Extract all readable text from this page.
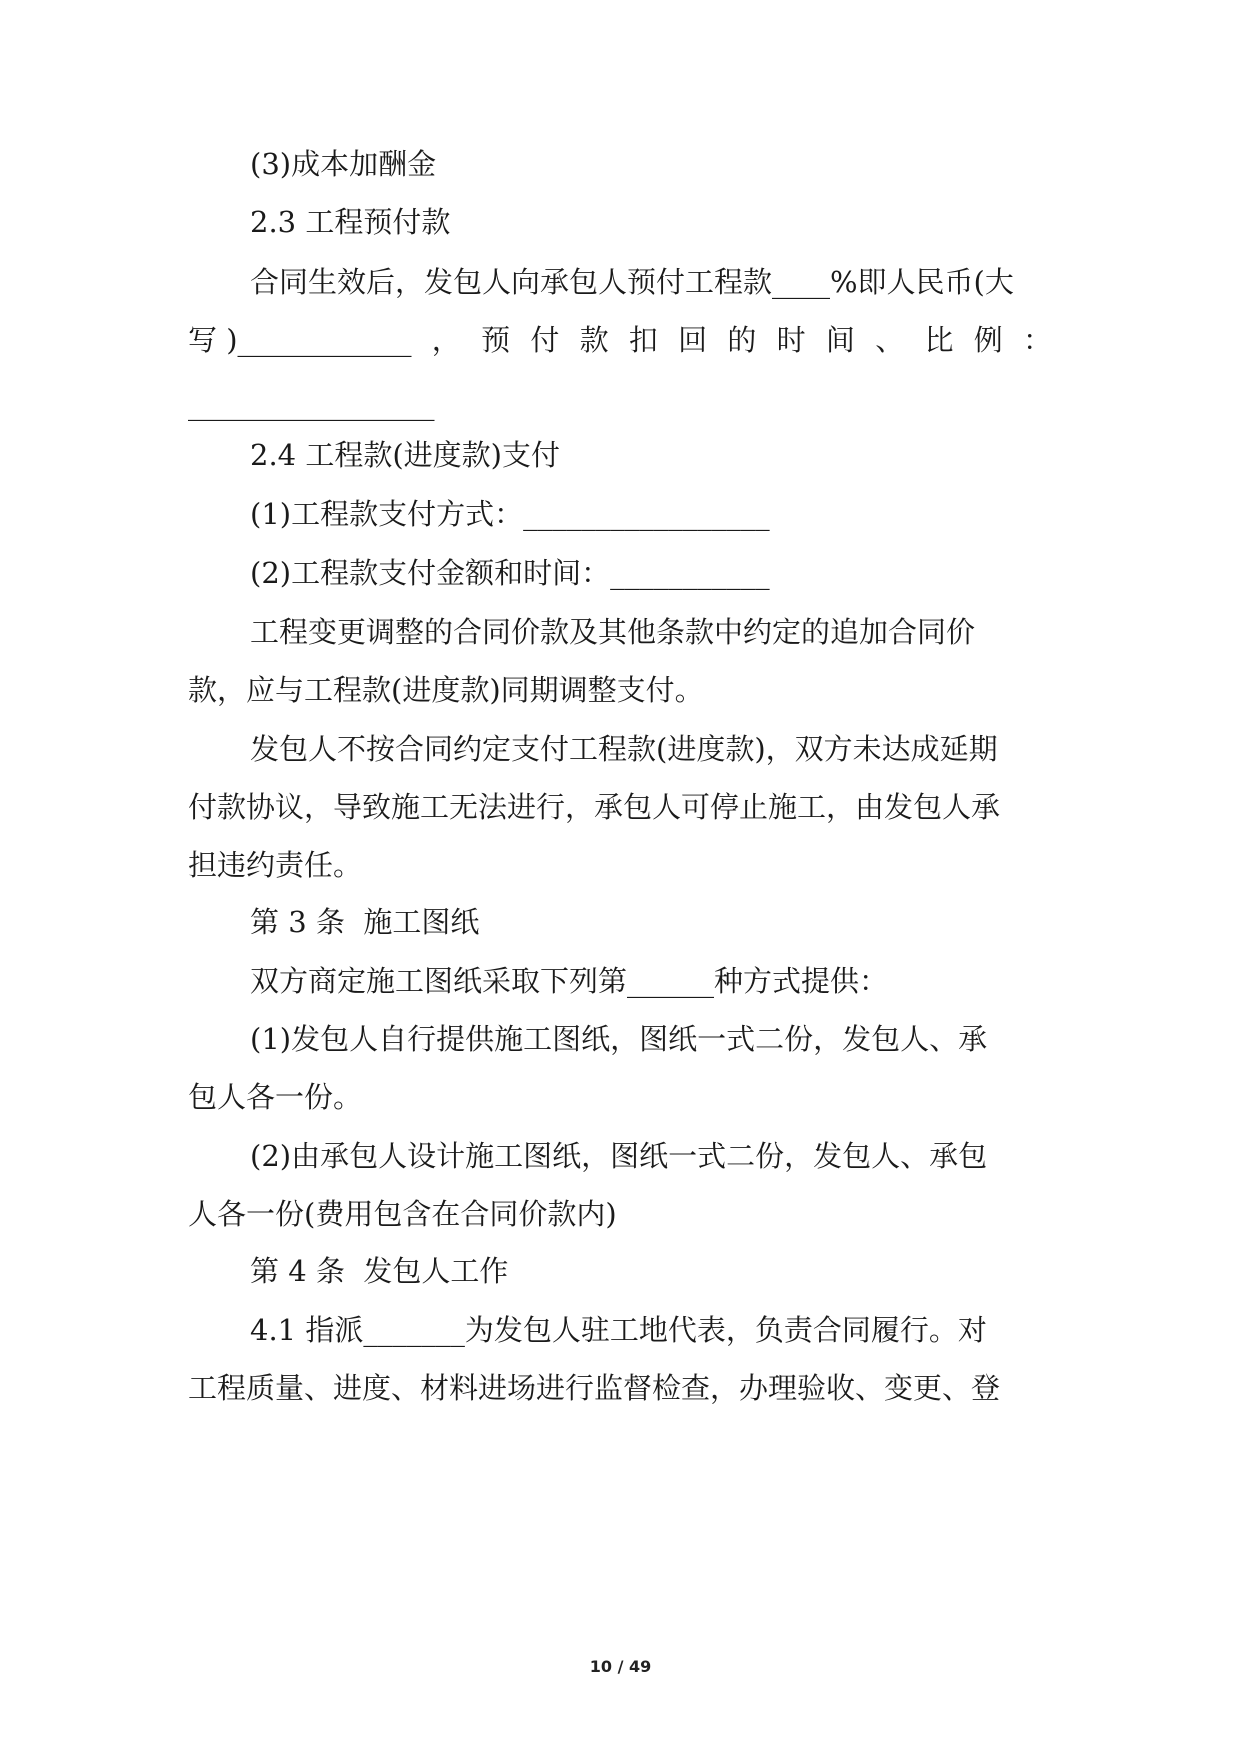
(3)成本加酬金
2.3 工程预付款
合同生效后，发包人向承包人预付工程款____%即人民币(大
写 )____________ ， 预 付 款 扣 回 的 时 间 、 比 例 ：
_________________
2.4 工程款(进度款)支付
(1)工程款支付方式：_________________
(2)工程款支付金额和时间：___________
工程变更调整的合同价款及其他条款中约定的追加合同价
款，应与工程款(进度款)同期调整支付。
发包人不按合同约定支付工程款(进度款)，双方未达成延期
付款协议，导致施工无法进行，承包人可停止施工，由发包人承
担违约责任。
第 3 条  施工图纸
双方商定施工图纸采取下列第______种方式提供：
(1)发包人自行提供施工图纸，图纸一式二份，发包人、承
包人各一份。
(2)由承包人设计施工图纸，图纸一式二份，发包人、承包
人各一份(费用包含在合同价款内)
第 4 条  发包人工作
4.1 指派_______为发包人驻工地代表，负责合同履行。对
工程质量、进度、材料进场进行监督检查，办理验收、变更、登
10 / 49
